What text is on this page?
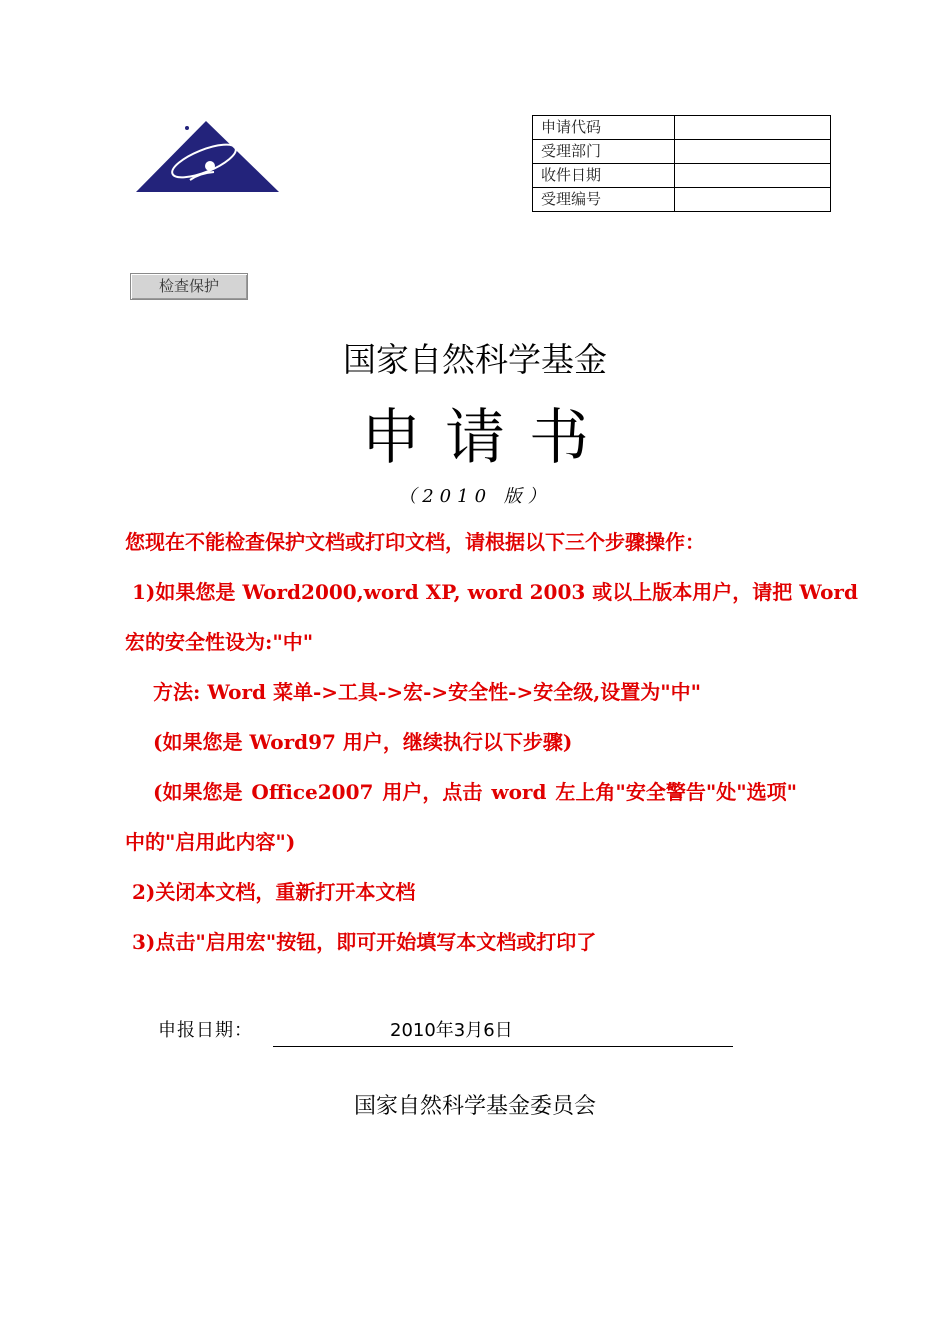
申请代码	
受理部门	
收件日期	
受理编号	
检查保护
国家自然科学基金
申请书
（2010 版）
您现在不能检查保护文档或打印文档，请根据以下三个步骤操作：
1)如果您是 Word2000,word XP, word 2003 或以上版本用户，请把 Word
宏的安全性设为:"中"
方法: Word 菜单->工具->宏->安全性->安全级,设置为"中"
(如果您是 Word97 用户，继续执行以下步骤)
(如果您是 Office2007 用户，点击 word 左上角"安全警告"处"选项"
中的"启用此内容")
2)关闭本文档，重新打开本文档
3)点击"启用宏"按钮，即可开始填写本文档或打印了
申报日期：	2010年3月6日
国家自然科学基金委员会
